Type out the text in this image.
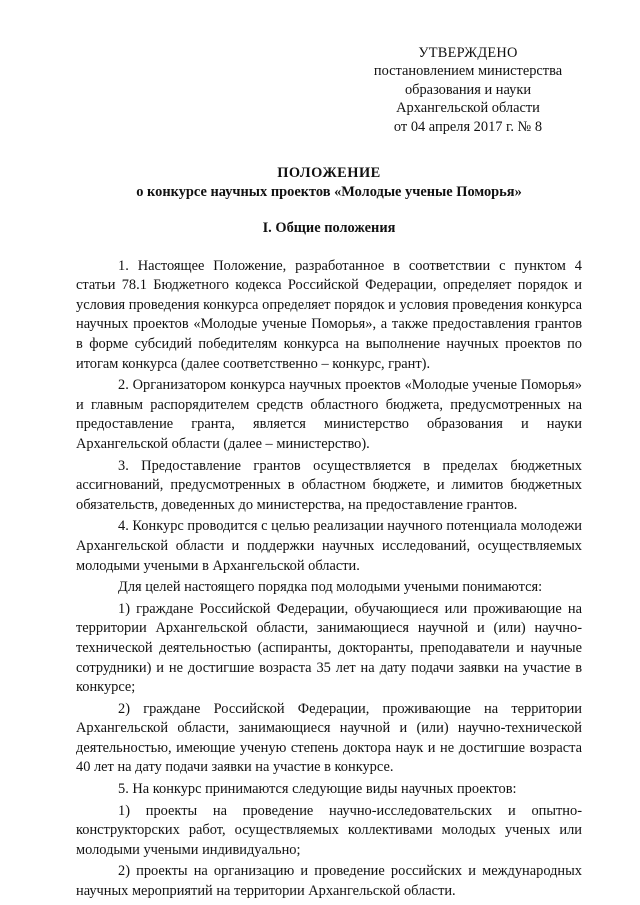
УТВЕРЖДЕНО
постановлением министерства
образования и науки
Архангельской области
от 04 апреля 2017 г. № 8
ПОЛОЖЕНИЕ
о конкурсе научных проектов «Молодые ученые Поморья»
I. Общие положения

1. Настоящее Положение, разработанное в соответствии с пунктом 4 статьи 78.1 Бюджетного кодекса Российской Федерации, определяет порядок и условия проведения конкурса определяет порядок и условия проведения конкурса научных проектов «Молодые ученые Поморья», а также предоставления грантов в форме субсидий победителям конкурса на выполнение научных проектов по итогам конкурса (далее соответственно – конкурс, грант).

2. Организатором конкурса научных проектов «Молодые ученые Поморья» и главным распорядителем средств областного бюджета, предусмотренных на предоставление гранта, является министерство образования и науки Архангельской области (далее – министерство).

3. Предоставление грантов осуществляется в пределах бюджетных ассигнований, предусмотренных в областном бюджете, и лимитов бюджетных обязательств, доведенных до министерства, на предоставление грантов.

4. Конкурс проводится с целью реализации научного потенциала молодежи Архангельской области и поддержки научных исследований, осуществляемых молодыми учеными в Архангельской области.

Для целей настоящего порядка под молодыми учеными понимаются:

1) граждане Российской Федерации, обучающиеся или проживающие на территории Архангельской области, занимающиеся научной и (или) научно-технической деятельностью (аспиранты, докторанты, преподаватели и научные сотрудники) и не достигшие возраста 35 лет на дату подачи заявки на участие в конкурсе;

2) граждане Российской Федерации, проживающие на территории Архангельской области, занимающиеся научной и (или) научно-технической деятельностью, имеющие ученую степень доктора наук и не достигшие возраста 40 лет на дату подачи заявки на участие в конкурсе.

5. На конкурс принимаются следующие виды научных проектов:

1) проекты на проведение научно-исследовательских и опытно-конструкторских работ, осуществляемых коллективами молодых ученых или молодыми учеными индивидуально;

2) проекты на организацию и проведение российских и международных научных мероприятий на территории Архангельской области.
